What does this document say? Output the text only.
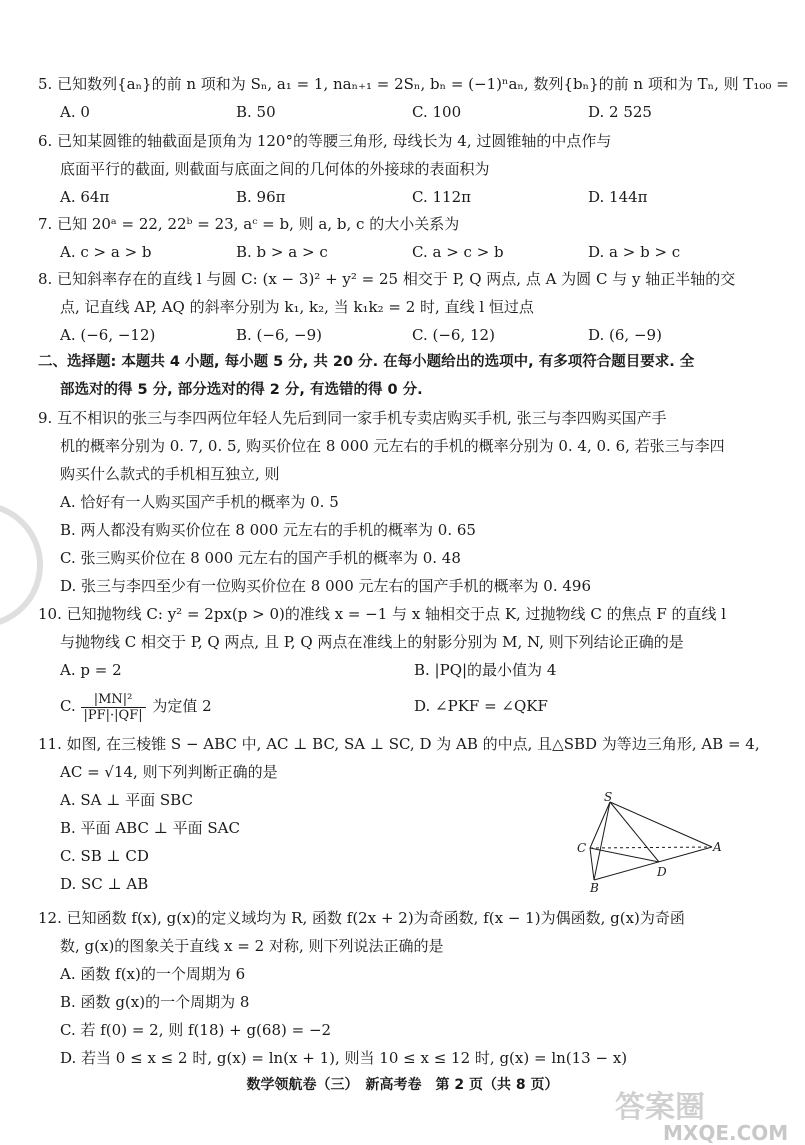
5. 已知数列{aₙ}的前 n 项和为 Sₙ, a₁ = 1, naₙ₊₁ = 2Sₙ, bₙ = (−1)ⁿaₙ, 数列{bₙ}的前 n 项和为 Tₙ, 则 T₁₀₀ =
A. 0	B. 50	C. 100	D. 2 525
6. 已知某圆锥的轴截面是顶角为 120°的等腰三角形, 母线长为 4, 过圆锥轴的中点作与
底面平行的截面, 则截面与底面之间的几何体的外接球的表面积为
A. 64π	B. 96π	C. 112π	D. 144π
7. 已知 20ᵃ = 22, 22ᵇ = 23, aᶜ = b, 则 a, b, c 的大小关系为
A. c > a > b	B. b > a > c	C. a > c > b	D. a > b > c
8. 已知斜率存在的直线 l 与圆 C: (x − 3)² + y² = 25 相交于 P, Q 两点, 点 A 为圆 C 与 y 轴正半轴的交
点, 记直线 AP, AQ 的斜率分别为 k₁, k₂, 当 k₁k₂ = 2 时, 直线 l 恒过点
A. (−6, −12)	B. (−6, −9)	C. (−6, 12)	D. (6, −9)
二、选择题: 本题共 4 小题, 每小题 5 分, 共 20 分. 在每小题给出的选项中, 有多项符合题目要求. 全
部选对的得 5 分, 部分选对的得 2 分, 有选错的得 0 分.
9. 互不相识的张三与李四两位年轻人先后到同一家手机专卖店购买手机, 张三与李四购买国产手
机的概率分别为 0. 7, 0. 5, 购买价位在 8 000 元左右的手机的概率分别为 0. 4, 0. 6, 若张三与李四
购买什么款式的手机相互独立, 则
A. 恰好有一人购买国产手机的概率为 0. 5
B. 两人都没有购买价位在 8 000 元左右的手机的概率为 0. 65
C. 张三购买价位在 8 000 元左右的国产手机的概率为 0. 48
D. 张三与李四至少有一位购买价位在 8 000 元左右的国产手机的概率为 0. 496
10. 已知抛物线 C: y² = 2px(p > 0)的准线 x = −1 与 x 轴相交于点 K, 过抛物线 C 的焦点 F 的直线 l
与抛物线 C 相交于 P, Q 两点, 且 P, Q 两点在准线上的射影分别为 M, N, 则下列结论正确的是
A. p = 2	B. |PQ|的最小值为 4
C. $\frac{\text{|MN|²}}{|PF|\cdot|QF|}$ 为定值 2	D. ∠PKF = ∠QKF
11. 如图, 在三棱锥 S − ABC 中, AC ⊥ BC, SA ⊥ SC, D 为 AB 的中点, 且△SBD 为等边三角形, AB = 4,
AC = √14, 则下列判断正确的是
A. SA ⊥ 平面 SBC
B. 平面 ABC ⊥ 平面 SAC
C. SB ⊥ CD
D. SC ⊥ AB
S
C	A
D
B
12. 已知函数 f(x), g(x)的定义域均为 R, 函数 f(2x + 2)为奇函数, f(x − 1)为偶函数, g(x)为奇函
数, g(x)的图象关于直线 x = 2 对称, 则下列说法正确的是
A. 函数 f(x)的一个周期为 6
B. 函数 g(x)的一个周期为 8
C. 若 f(0) = 2, 则 f(18) + g(68) = −2
D. 若当 0 ≤ x ≤ 2 时, g(x) = ln(x + 1), 则当 10 ≤ x ≤ 12 时, g(x) = ln(13 − x)
数学领航卷（三）　新高考卷　第 2 页（共 8 页）
答案圈
MXQE.COM
